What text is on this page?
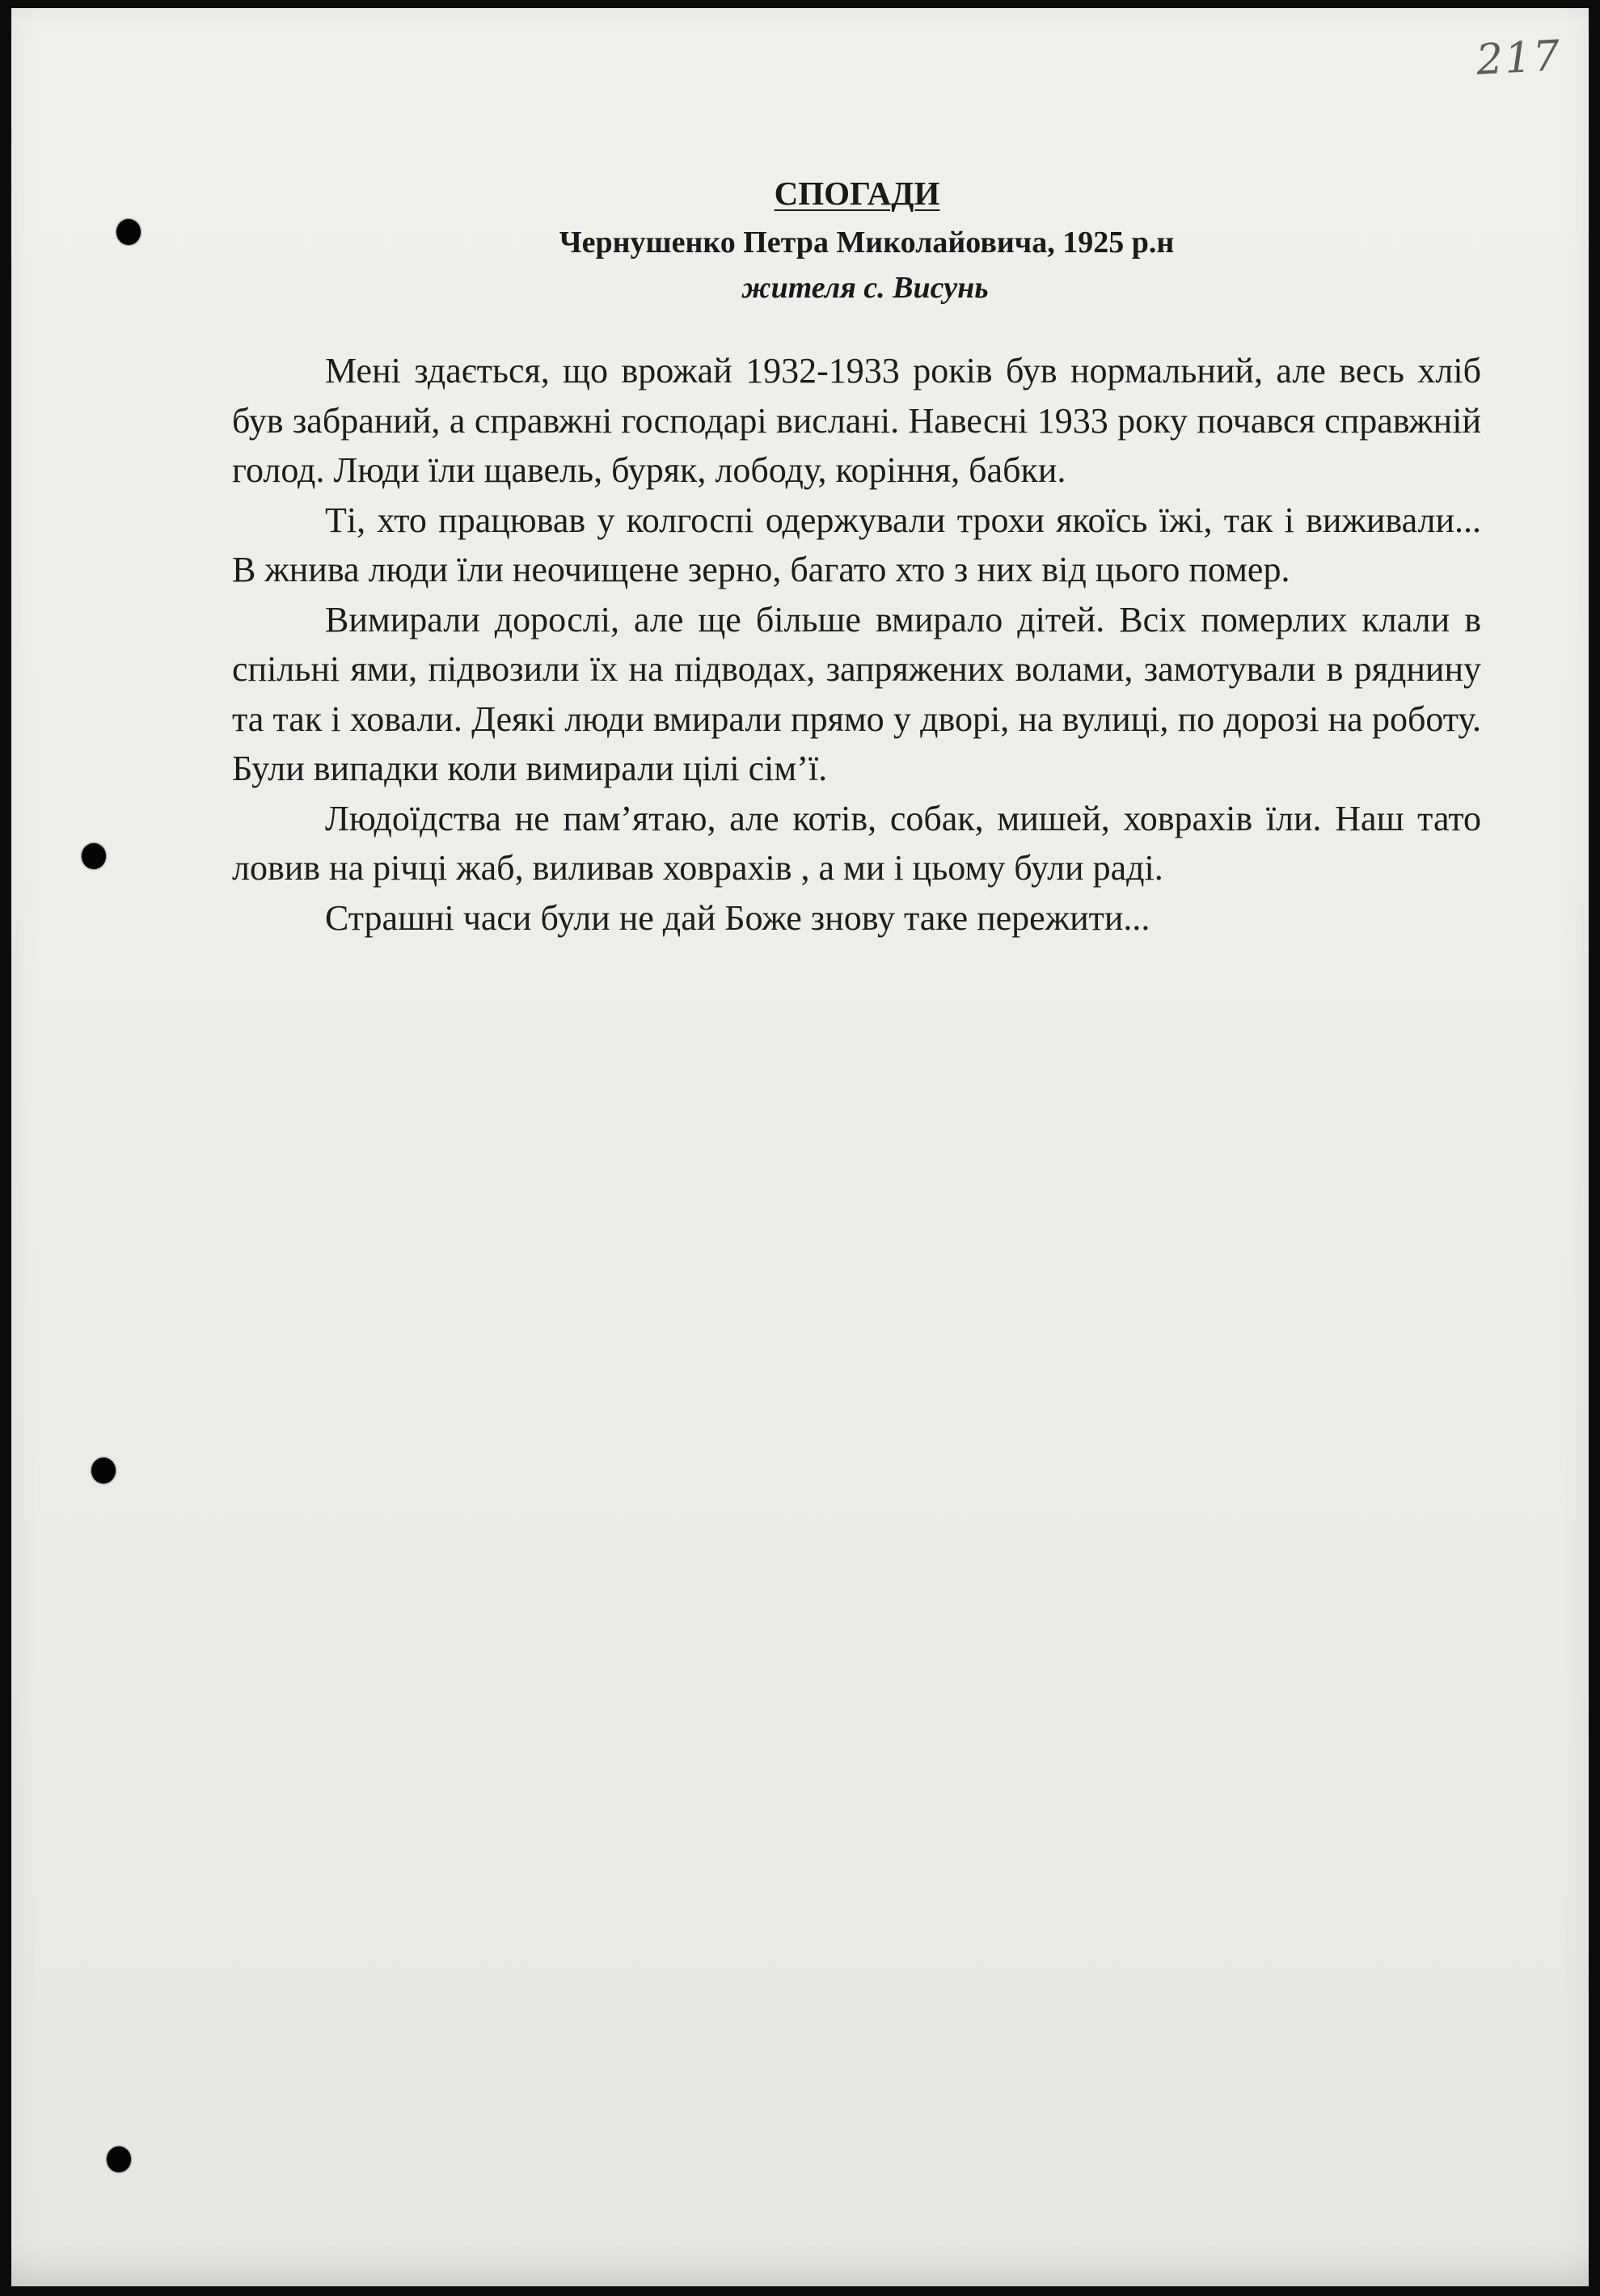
217
СПОГАДИ
Чернушенко Петра Миколайовича, 1925 р.н
жителя с. Висунь

Мені здається, що врожай 1932-1933 років був нормальний, але весь хліб був забраний, а справжні господарі вислані. Навесні 1933 року почався справжній голод. Люди їли щавель, буряк, лободу, коріння, бабки.

Ті, хто працював у колгоспі одержували трохи якоїсь їжі, так і виживали... В жнива люди їли неочищене зерно, багато хто з них від цього помер.

Вимирали дорослі, але ще більше вмирало дітей. Всіх померлих клали в спільні ями, підвозили їх на підводах, запряжених волами, замотували в ряднину та так і ховали. Деякі люди вмирали прямо у дворі, на вулиці, по дорозі на роботу. Були випадки коли вимирали цілі сім’ї.

Людоїдства не пам’ятаю, але котів, собак, мишей, ховрахів їли. Наш тато ловив на річці жаб, виливав ховрахів , а ми і цьому були раді.

Страшні часи були не дай Боже знову таке пережити...
